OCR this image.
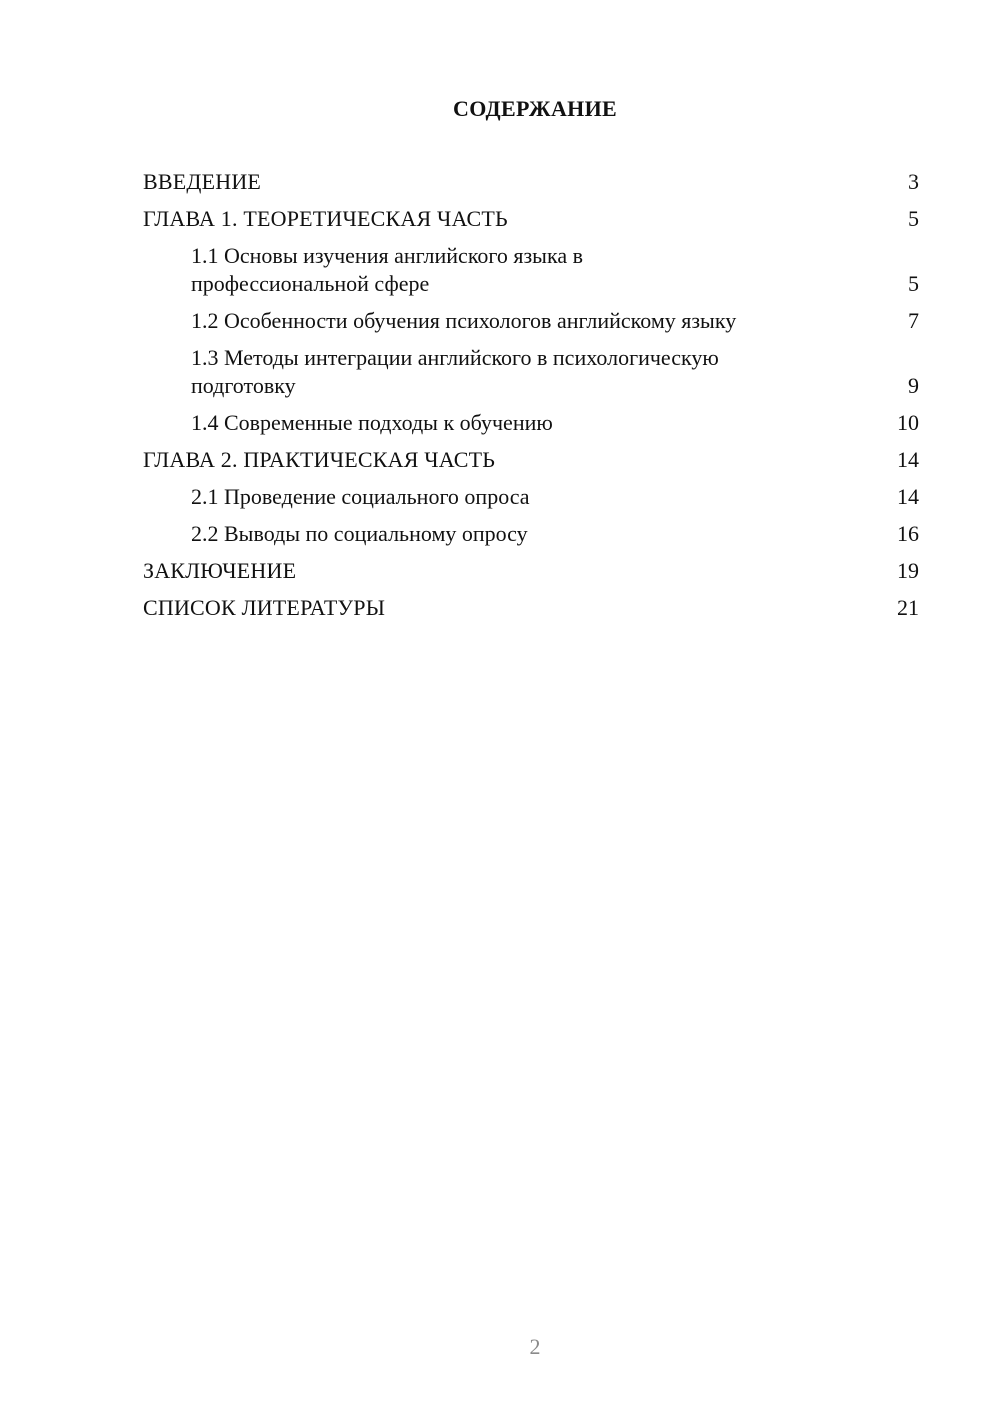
СОДЕРЖАНИЕ
ВВЕДЕНИЕ	3
ГЛАВА 1. ТЕОРЕТИЧЕСКАЯ ЧАСТЬ	5
1.1 Основы изучения английского языка в
профессиональной сфере	5
1.2 Особенности обучения психологов английскому языку	7
1.3 Методы интеграции английского в психологическую
подготовку	9
1.4 Современные подходы к обучению	10
ГЛАВА 2. ПРАКТИЧЕСКАЯ ЧАСТЬ	14
2.1 Проведение социального опроса	14
2.2 Выводы по социальному опросу	16
ЗАКЛЮЧЕНИЕ	19
СПИСОК ЛИТЕРАТУРЫ	21
2
